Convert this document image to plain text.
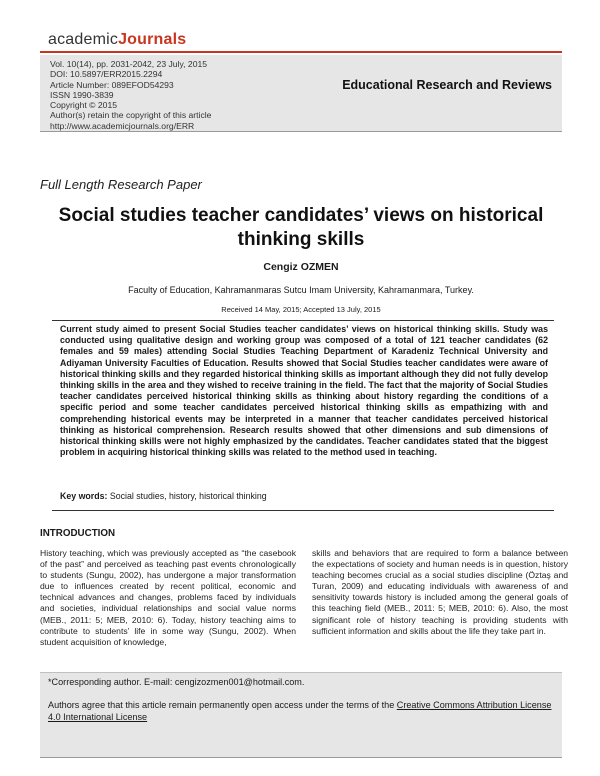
academicJournals
Vol. 10(14), pp. 2031-2042, 23 July, 2015
DOI: 10.5897/ERR2015.2294
Article Number: 089EFOD54293
ISSN 1990-3839
Copyright © 2015
Author(s) retain the copyright of this article
http://www.academicjournals.org/ERR
Educational Research and Reviews
Full Length Research Paper
Social studies teacher candidates’ views on historical thinking skills
Cengiz OZMEN
Faculty of Education, Kahramanmaras Sutcu Imam University, Kahramanmara, Turkey.
Received 14 May, 2015; Accepted 13 July, 2015
Current study aimed to present Social Studies teacher candidates’ views on historical thinking skills. Study was conducted using qualitative design and working group was composed of a total of 121 teacher candidates (62 females and 59 males) attending Social Studies Teaching Department of Karadeniz Technical University and Adiyaman University Faculties of Education. Results showed that Social Studies teacher candidates were aware of historical thinking skills and they regarded historical thinking skills as important although they did not fully develop thinking skills in the area and they wished to receive training in the field. The fact that the majority of Social Studies teacher candidates perceived historical thinking skills as thinking about history regarding the conditions of a specific period and some teacher candidates perceived historical thinking skills as empathizing with and comprehending historical events may be interpreted in a manner that teacher candidates perceived historical thinking as historical comprehension. Research results showed that other dimensions and sub dimensions of historical thinking skills were not highly emphasized by the candidates. Teacher candidates stated that the biggest problem in acquiring historical thinking skills was related to the method used in teaching.
Key words: Social studies, history, historical thinking
INTRODUCTION
History teaching, which was previously accepted as “the casebook of the past” and perceived as teaching past events chronologically to students (Sungu, 2002), has undergone a major transformation due to influences created by recent political, economic and technical advances and changes, problems faced by individuals and societies, individual relationships and social value norms (MEB., 2011: 5; MEB, 2010: 6). Today, history teaching aims to contribute to students’ life in some way (Sungu, 2002). When student acquisition of knowledge,
skills and behaviors that are required to form a balance between the expectations of society and human needs is in question, history teaching becomes crucial as a social studies discipline (Öztaş and Turan, 2009) and educating individuals with awareness of and sensitivity towards history is included among the general goals of this teaching field (MEB., 2011: 5; MEB, 2010: 6). Also, the most significant role of history teaching is providing students with sufficient information and skills about the life they take part in.
*Corresponding author. E-mail: cengizozmen001@hotmail.com.
Authors agree that this article remain permanently open access under the terms of the Creative Commons Attribution License 4.0 International License
